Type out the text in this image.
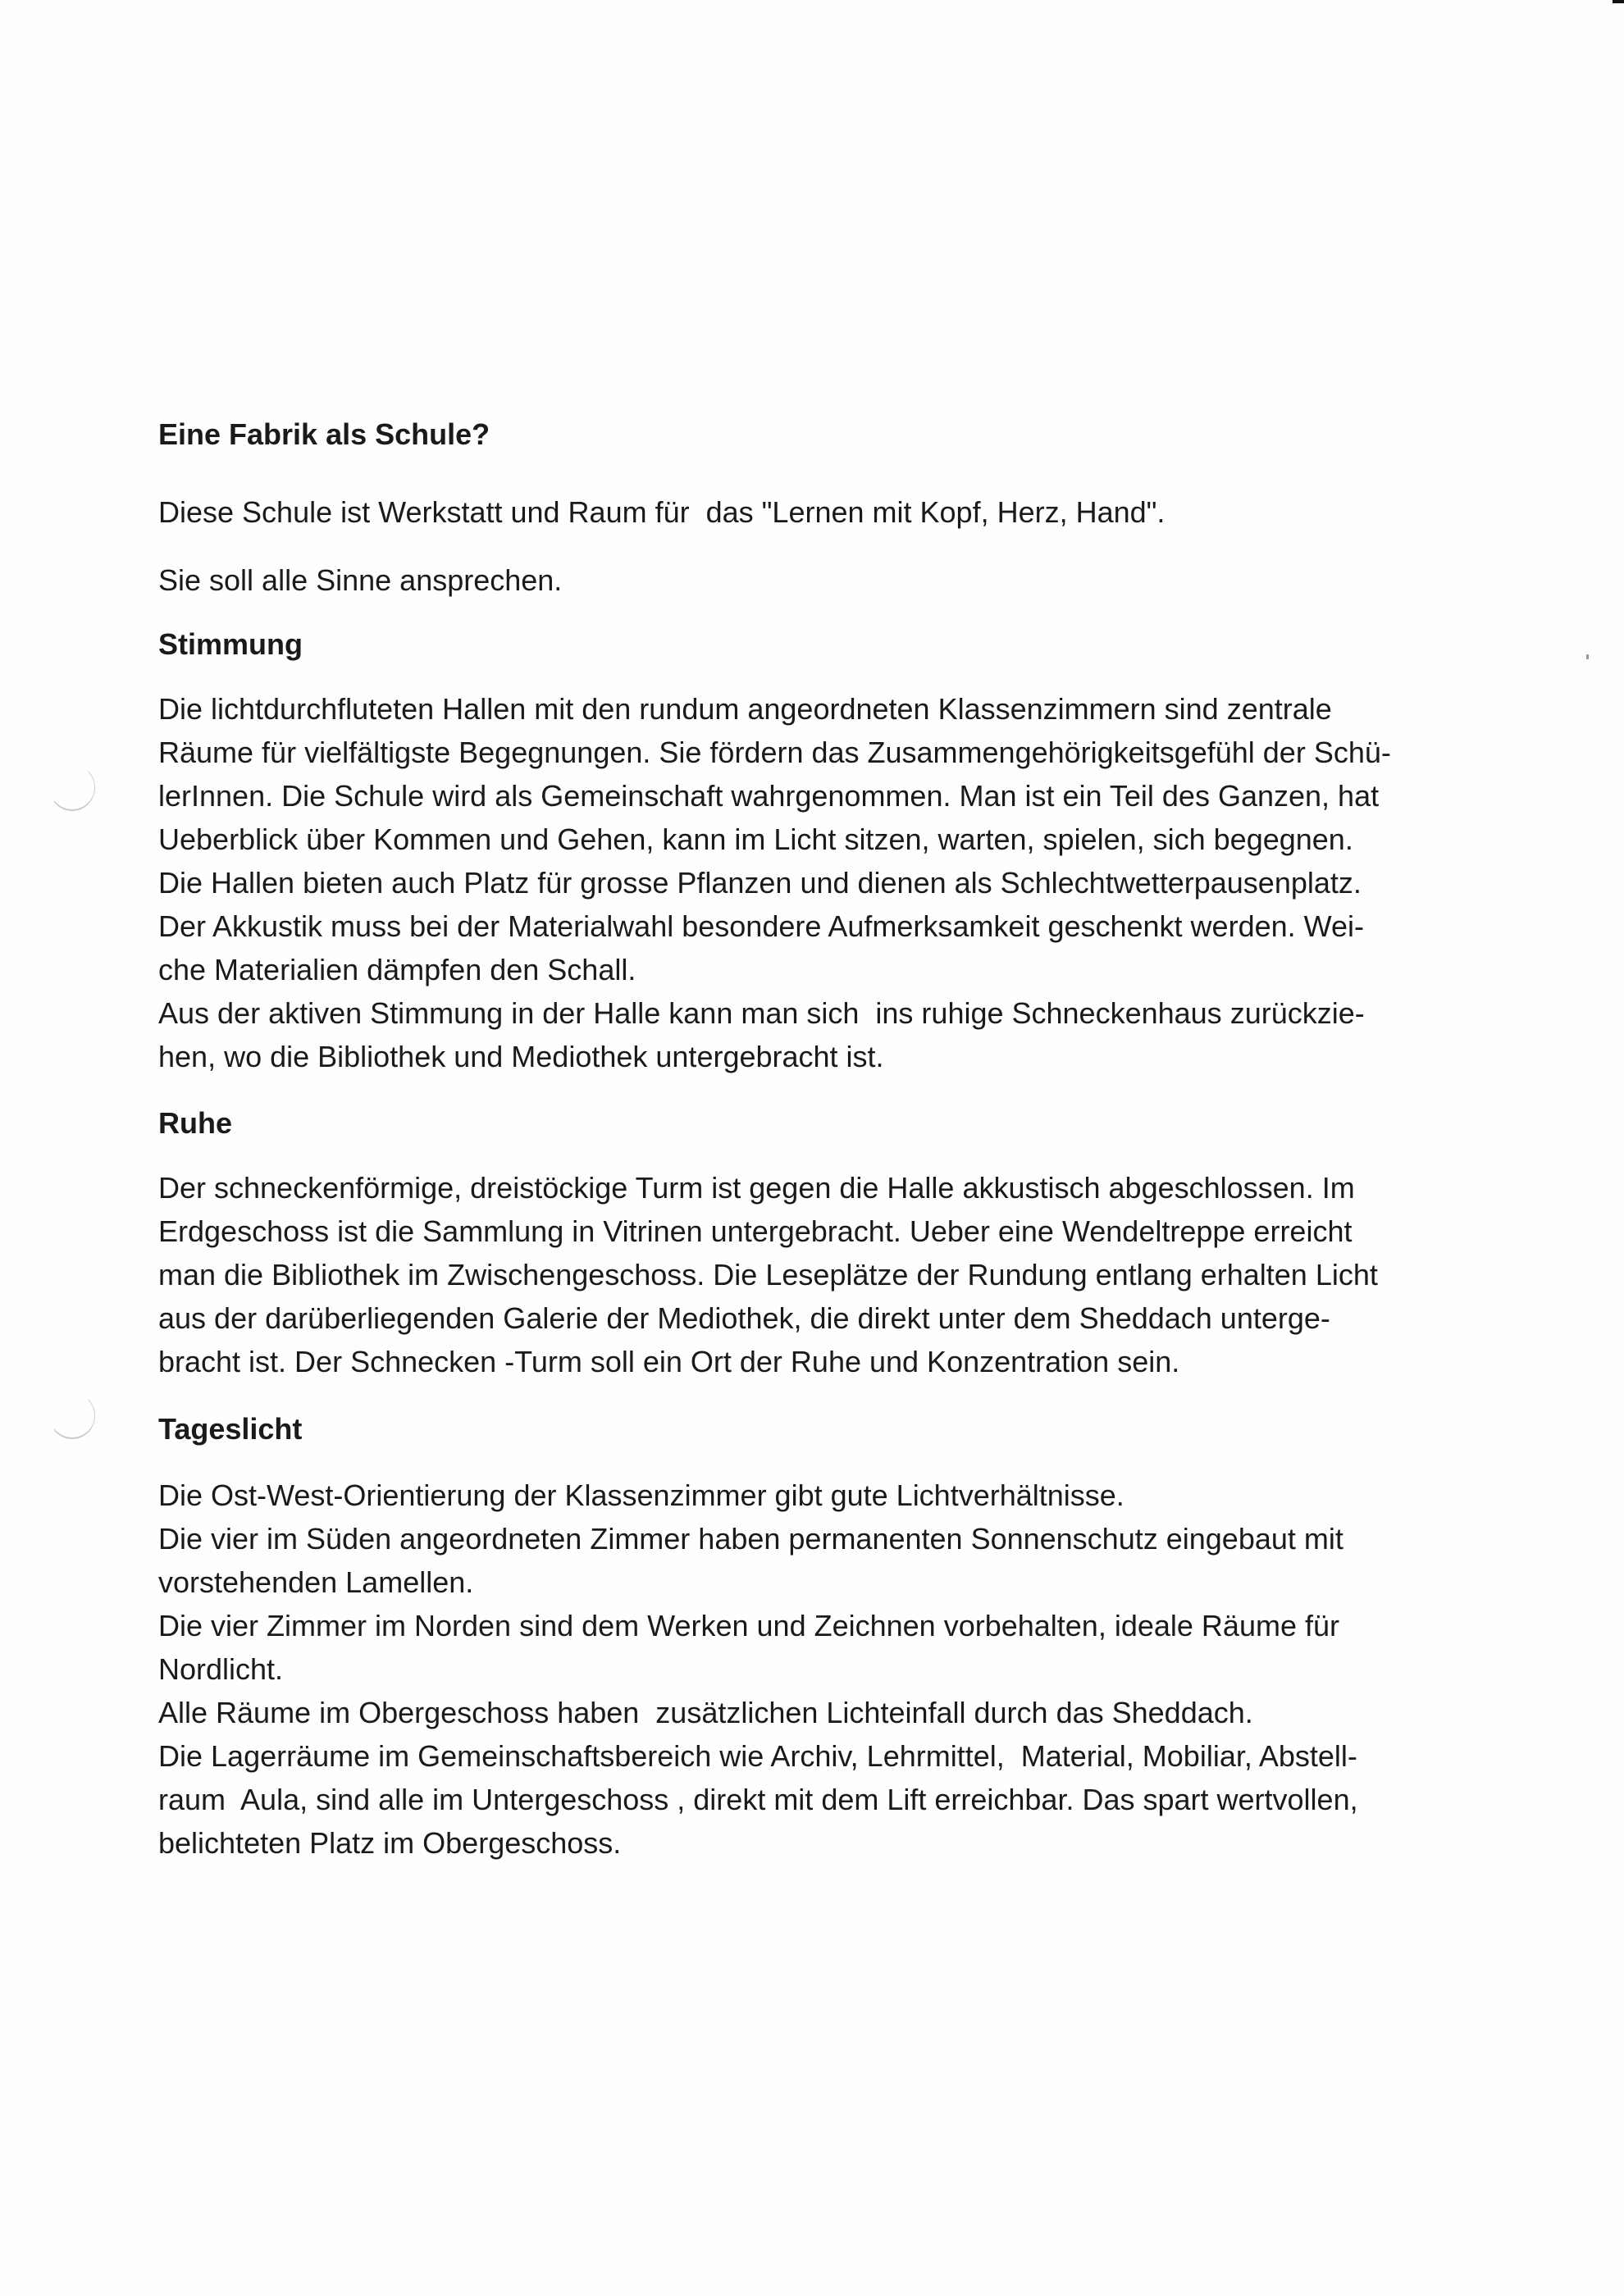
Eine Fabrik als Schule?

Diese Schule ist Werkstatt und Raum für  das "Lernen mit Kopf, Herz, Hand".
Sie soll alle Sinne ansprechen.

Stimmung

Die lichtdurchfluteten Hallen mit den rundum angeordneten Klassenzimmern sind zentrale
Räume für vielfältigste Begegnungen. Sie fördern das Zusammengehörigkeitsgefühl der Schü-
lerInnen. Die Schule wird als Gemeinschaft wahrgenommen. Man ist ein Teil des Ganzen, hat
Ueberblick über Kommen und Gehen, kann im Licht sitzen, warten, spielen, sich begegnen.
Die Hallen bieten auch Platz für grosse Pflanzen und dienen als Schlechtwetterpausenplatz.
Der Akkustik muss bei der Materialwahl besondere Aufmerksamkeit geschenkt werden. Wei-
che Materialien dämpfen den Schall.
Aus der aktiven Stimmung in der Halle kann man sich  ins ruhige Schneckenhaus zurückzie-
hen, wo die Bibliothek und Mediothek untergebracht ist.

Ruhe

Der schneckenförmige, dreistöckige Turm ist gegen die Halle akkustisch abgeschlossen. Im
Erdgeschoss ist die Sammlung in Vitrinen untergebracht. Ueber eine Wendeltreppe erreicht
man die Bibliothek im Zwischengeschoss. Die Leseplätze der Rundung entlang erhalten Licht
aus der darüberliegenden Galerie der Mediothek, die direkt unter dem Sheddach unterge-
bracht ist. Der Schnecken -Turm soll ein Ort der Ruhe und Konzentration sein.

Tageslicht

Die Ost-West-Orientierung der Klassenzimmer gibt gute Lichtverhältnisse.
Die vier im Süden angeordneten Zimmer haben permanenten Sonnenschutz eingebaut mit
vorstehenden Lamellen.
Die vier Zimmer im Norden sind dem Werken und Zeichnen vorbehalten, ideale Räume für
Nordlicht.
Alle Räume im Obergeschoss haben  zusätzlichen Lichteinfall durch das Sheddach.
Die Lagerräume im Gemeinschaftsbereich wie Archiv, Lehrmittel,  Material, Mobiliar, Abstell-
raum  Aula, sind alle im Untergeschoss , direkt mit dem Lift erreichbar. Das spart wertvollen,
belichteten Platz im Obergeschoss.
